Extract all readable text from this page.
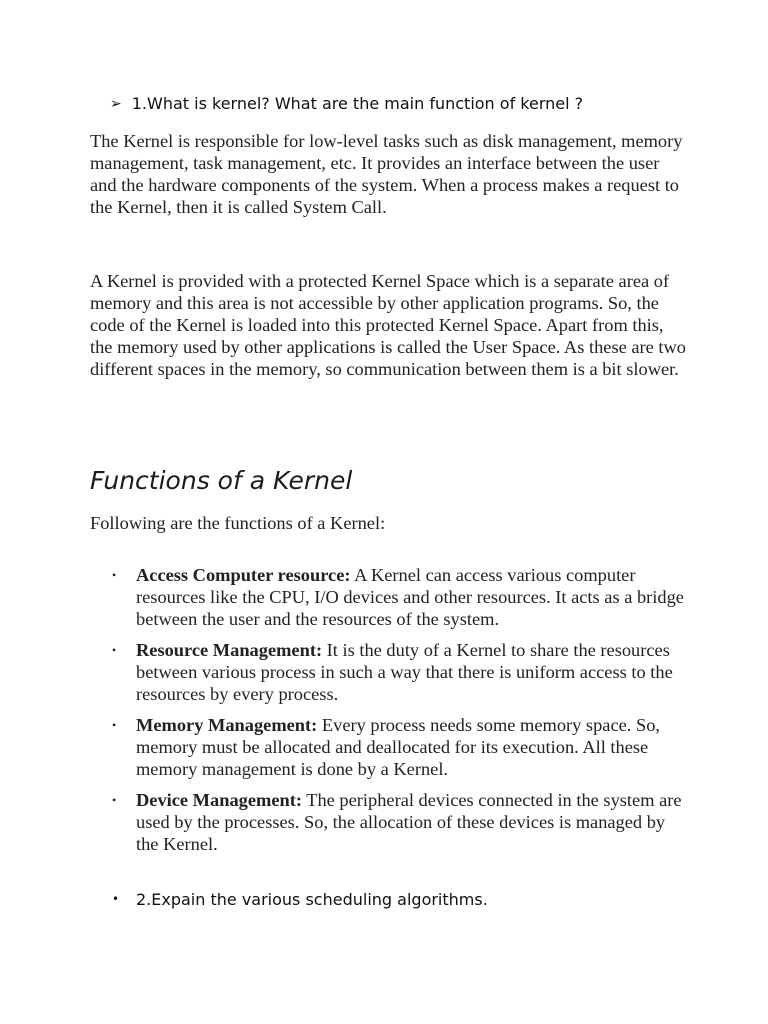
➢ 1.What is kernel? What are the main function of kernel ?

The Kernel is responsible for low-level tasks such as disk management, memory management, task management, etc. It provides an interface between the user and the hardware components of the system. When a process makes a request to the Kernel, then it is called System Call.

A Kernel is provided with a protected Kernel Space which is a separate area of memory and this area is not accessible by other application programs. So, the code of the Kernel is loaded into this protected Kernel Space. Apart from this, the memory used by other applications is called the User Space. As these are two different spaces in the memory, so communication between them is a bit slower.

Functions of a Kernel

Following are the functions of a Kernel:

• Access Computer resource: A Kernel can access various computer resources like the CPU, I/O devices and other resources. It acts as a bridge between the user and the resources of the system.
• Resource Management: It is the duty of a Kernel to share the resources between various process in such a way that there is uniform access to the resources by every process.
• Memory Management: Every process needs some memory space. So, memory must be allocated and deallocated for its execution. All these memory management is done by a Kernel.
• Device Management: The peripheral devices connected in the system are used by the processes. So, the allocation of these devices is managed by the Kernel.
• 2.Expain the various scheduling algorithms.
